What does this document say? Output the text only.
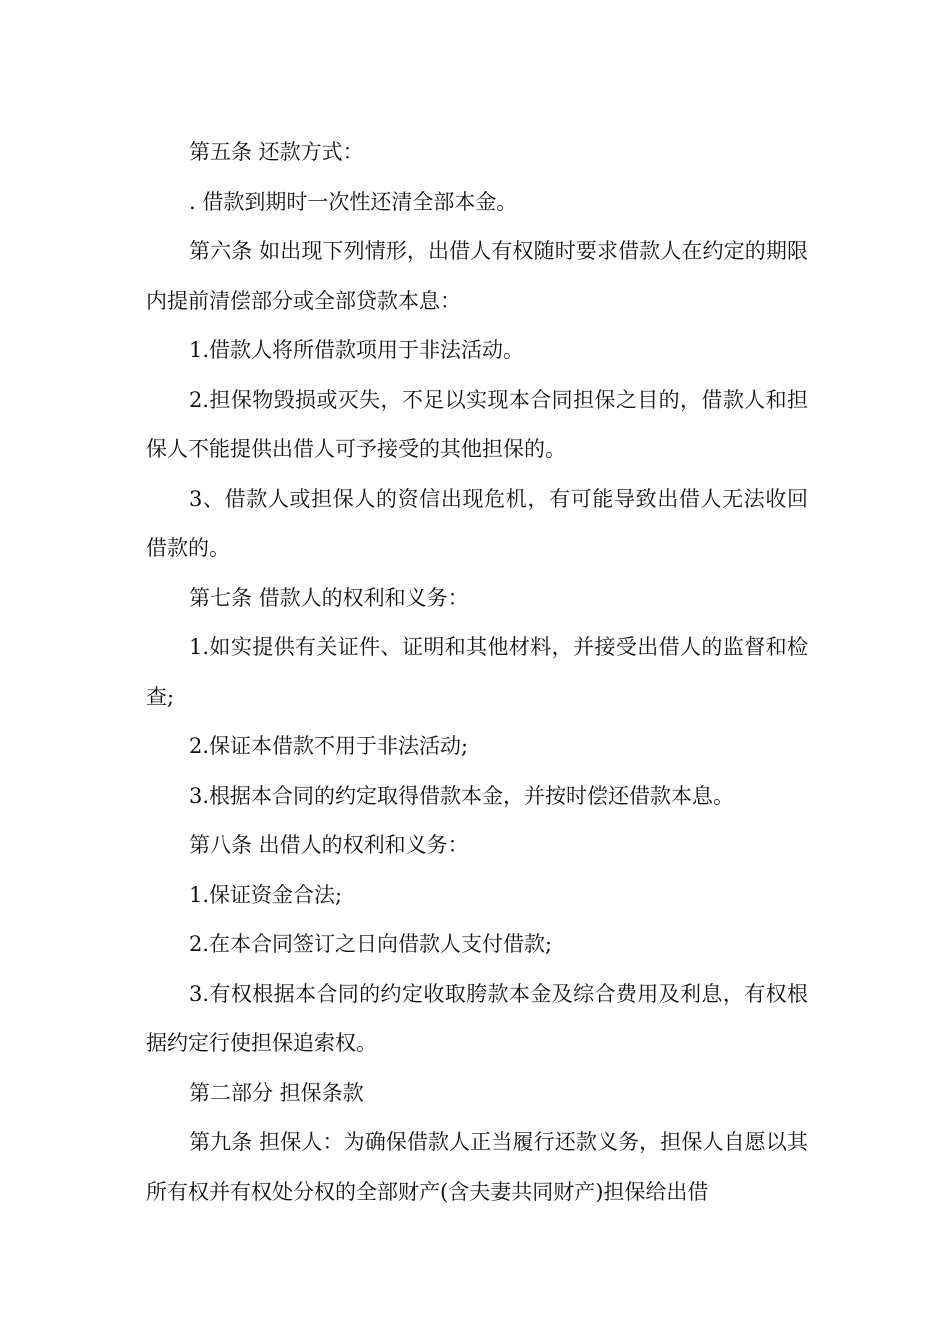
第五条 还款方式：

. 借款到期时一次性还清全部本金。

第六条 如出现下列情形，出借人有权随时要求借款人在约定的期限内提前清偿部分或全部贷款本息：

1.借款人将所借款项用于非法活动。

2.担保物毁损或灭失，不足以实现本合同担保之目的，借款人和担保人不能提供出借人可予接受的其他担保的。

3、借款人或担保人的资信出现危机，有可能导致出借人无法收回借款的。

第七条 借款人的权利和义务：

1.如实提供有关证件、证明和其他材料，并接受出借人的监督和检查;

2.保证本借款不用于非法活动;

3.根据本合同的约定取得借款本金，并按时偿还借款本息。

第八条 出借人的权利和义务：

1.保证资金合法;

2.在本合同签订之日向借款人支付借款;

3.有权根据本合同的约定收取胯款本金及综合费用及利息，有权根据约定行使担保追索权。

第二部分 担保条款

第九条 担保人：为确保借款人正当履行还款义务，担保人自愿以其所有权并有权处分权的全部财产(含夫妻共同财产)担保给出借
